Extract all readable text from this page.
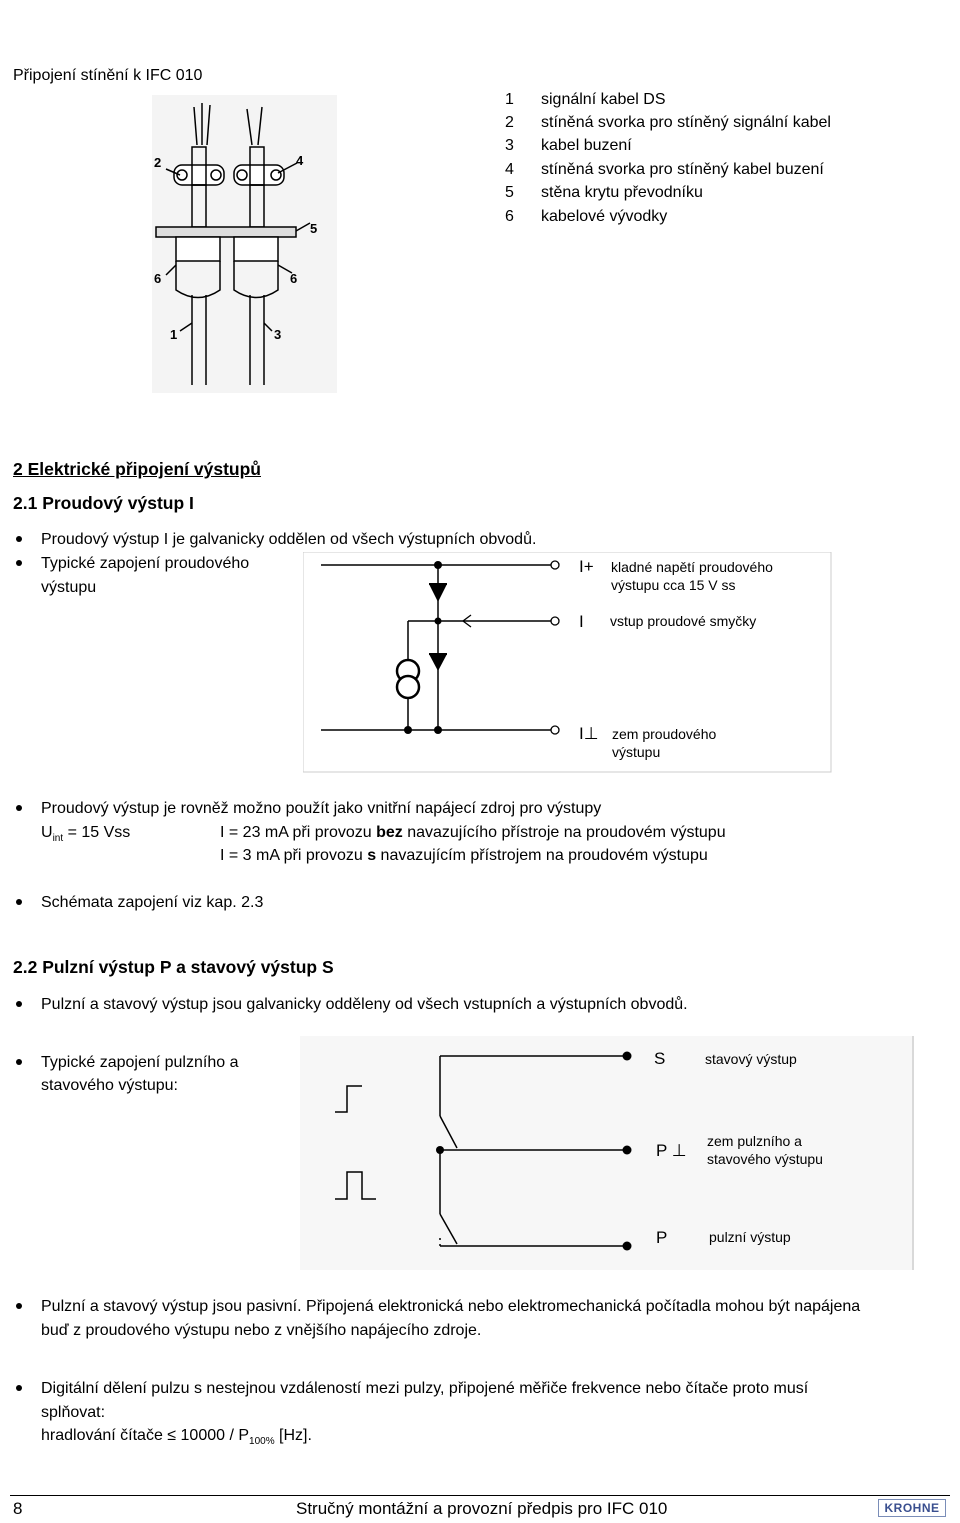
Připojení stínění k IFC 010
1 signální kabel DS
2 stíněná svorka pro stíněný signální kabel
3 kabel buzení
4 stíněná svorka pro stíněný kabel buzení
5 stěna krytu převodníku
6 kabelové vývodky
2	4
5
6	6
1	3
2 Elektrické připojení výstupů
2.1 Proudový výstup I
Proudový výstup I je galvanicky oddělen od všech výstupních obvodů.
Typické zapojení proudového
výstupu
I+ kladné napětí proudového
výstupu cca 15 V ss
I vstup proudové smyčky
I⊥ zem proudového
výstupu
Proudový výstup je rovněž možno použít jako vnitřní napájecí zdroj pro výstupy
$U_{int} = 15$ Vss	I = 23 mA při provozu bez navazujícího přístroje na proudovém výstupu
I = 3 mA při provozu s navazujícím přístrojem na proudovém výstupu
Schémata zapojení viz kap. 2.3
2.2 Pulzní výstup P a stavový výstup S
Pulzní a stavový výstup jsou galvanicky odděleny od všech vstupních a výstupních obvodů.
Typické zapojení pulzního a
stavového výstupu:
S	stavový výstup
P ⊥ zem pulzního a
stavového výstupu
P	pulzní výstup
Pulzní a stavový výstup jsou pasivní. Připojená elektronická nebo elektromechanická počítadla mohou být napájena
buď z proudového výstupu nebo z vnějšího napájecího zdroje.
Digitální dělení pulzu s nestejnou vzdáleností mezi pulzy, připojené měřiče frekvence nebo čítače proto musí
splňovat:
hradlování čítače ≤ $10000 / P_{100\%}$ [Hz].
8	Stručný montážní a provozní předpis pro IFC 010	KROHNE
